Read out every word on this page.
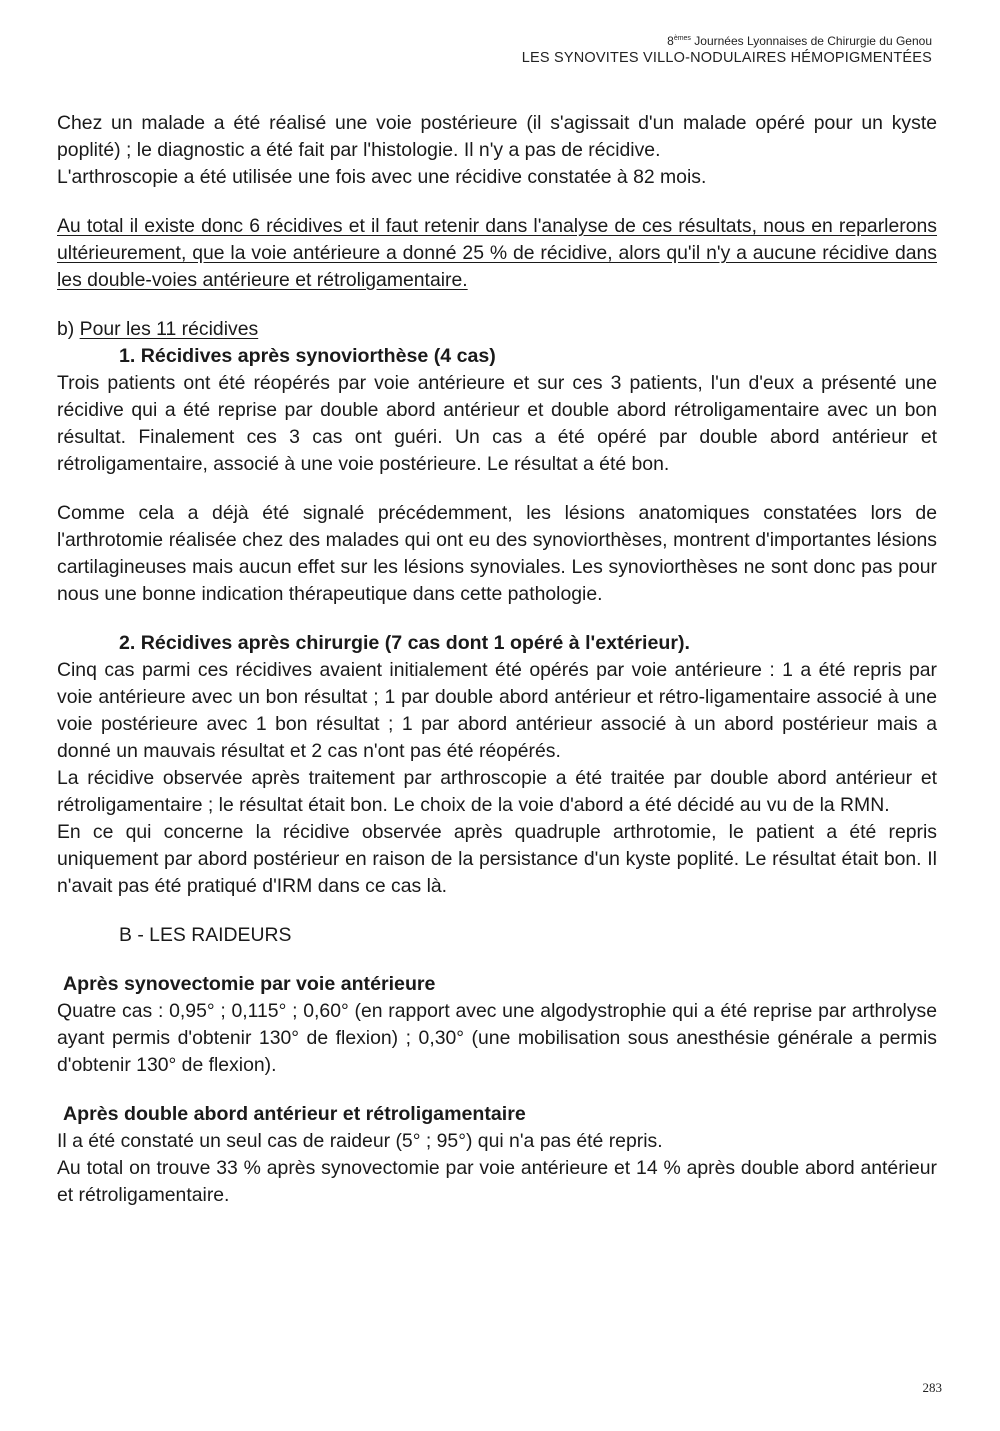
8èmes Journées Lyonnaises de Chirurgie du Genou
LES SYNOVITES VILLO-NODULAIRES HÉMOPIGMENTÉES

Chez un malade a été réalisé une voie postérieure (il s'agissait d'un malade opéré pour un kyste poplité) ; le diagnostic a été fait par l'histologie. Il n'y a pas de récidive.

L'arthroscopie a été utilisée une fois avec une récidive constatée à 82 mois.

Au total il existe donc 6 récidives et il faut retenir dans l'analyse de ces résultats, nous en reparlerons ultérieurement, que la voie antérieure a donné 25 % de récidive, alors qu'il n'y a aucune récidive dans les double-voies antérieure et rétroligamentaire.

b) Pour les 11 récidives

1. Récidives après synoviorthèse (4 cas)

Trois patients ont été réopérés par voie antérieure et sur ces 3 patients, l'un d'eux a présenté une récidive qui a été reprise par double abord antérieur et double abord rétroligamentaire avec un bon résultat. Finalement ces 3 cas ont guéri. Un cas a été opéré par double abord antérieur et rétroligamentaire, associé à une voie postérieure. Le résultat a été bon.

Comme cela a déjà été signalé précédemment, les lésions anatomiques constatées lors de l'arthrotomie réalisée chez des malades qui ont eu des synoviorthèses, montrent d'importantes lésions cartilagineuses mais aucun effet sur les lésions synoviales. Les synoviorthèses ne sont donc pas pour nous une bonne indication thérapeutique dans cette pathologie.

2. Récidives après chirurgie (7 cas dont 1 opéré à l'extérieur).

Cinq cas parmi ces récidives avaient initialement été opérés par voie antérieure : 1 a été repris par voie antérieure avec un bon résultat ; 1 par double abord antérieur et rétro-ligamentaire associé à une voie postérieure avec 1 bon résultat ; 1 par abord antérieur associé à un abord postérieur mais a donné un mauvais résultat et 2 cas n'ont pas été réopérés.

La récidive observée après traitement par arthroscopie a été traitée par double abord antérieur et rétroligamentaire ; le résultat était bon. Le choix de la voie d'abord a été décidé au vu de la RMN.

En ce qui concerne la récidive observée après quadruple arthrotomie, le patient a été repris uniquement par abord postérieur en raison de la persistance d'un kyste poplité. Le résultat était bon. Il n'avait pas été pratiqué d'IRM dans ce cas là.

B - LES RAIDEURS

Après synovectomie par voie antérieure

Quatre cas : 0,95° ; 0,115° ; 0,60° (en rapport avec une algodystrophie qui a été reprise par arthrolyse ayant permis d'obtenir 130° de flexion) ; 0,30° (une mobilisation sous anesthésie générale a permis d'obtenir 130° de flexion).

Après double abord antérieur et rétroligamentaire

Il a été constaté un seul cas de raideur (5° ; 95°) qui n'a pas été repris.

Au total on trouve 33 % après synovectomie par voie antérieure et 14 % après double abord antérieur et rétroligamentaire.

283
